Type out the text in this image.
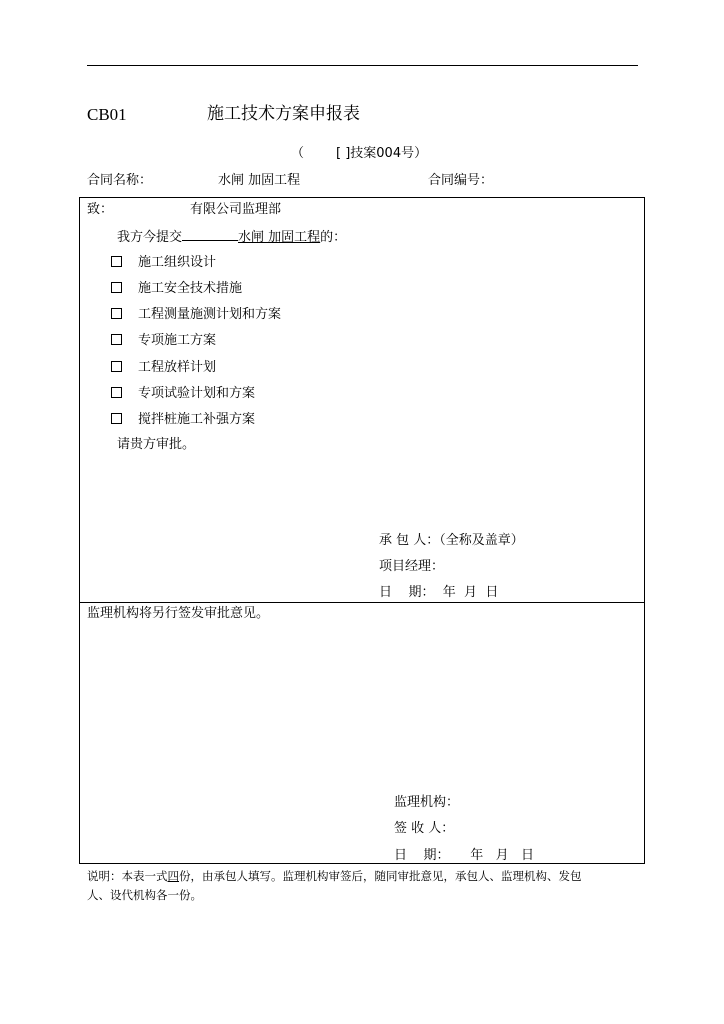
CB01	施工技术方案申报表
（ [ ]技案004号）
合同名称：	水闸 加固工程	合同编号：
致：	有限公司监理部
我方今提交	水闸 加固工程的：
施工组织设计
施工安全技术措施
工程测量施测计划和方案
专项施工方案
工程放样计划
专项试验计划和方案
搅拌桩施工补强方案
请贵方审批。
承 包 人：（全称及盖章）
项目经理：
日    期：  年  月  日
监理机构将另行签发审批意见。
监理机构：
签 收 人：
日    期：     年   月   日
说明：本表一式四份，由承包人填写。监理机构审签后，随同审批意见，承包人、监理机构、发包
人、设代机构各一份。
